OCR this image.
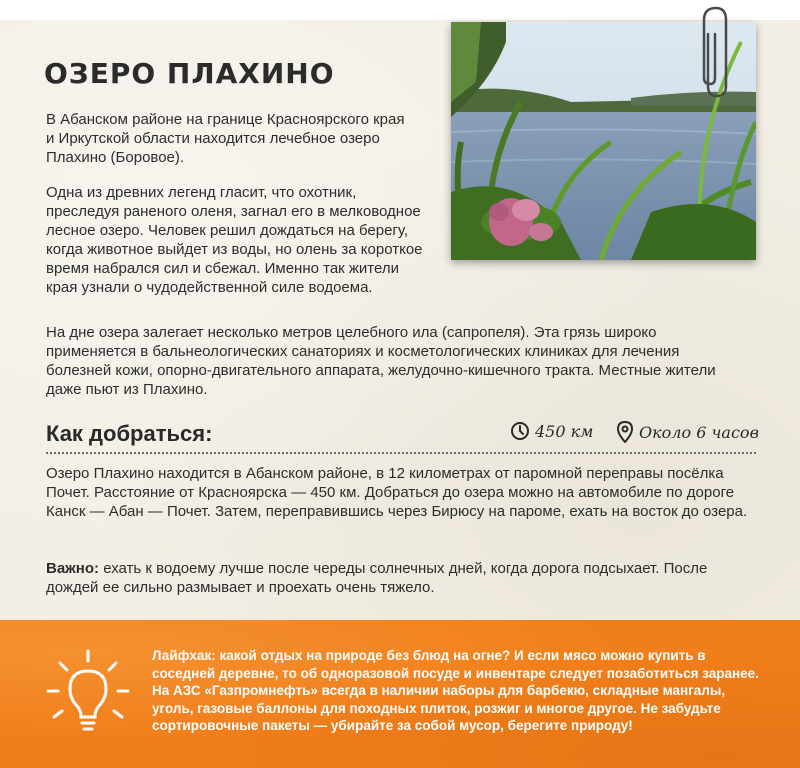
ОЗЕРО ПЛАХИНО

В Абанском районе на границе Красноярского края и Иркутской области находится лечебное озеро Плахино (Боровое).

Одна из древних легенд гласит, что охотник, преследуя раненого оленя, загнал его в мелководное лесное озеро. Человек решил дождаться на берегу, когда животное выйдет из воды, но олень за короткое время набрался сил и сбежал. Именно так жители края узнали о чудодейственной силе водоема.

На дне озера залегает несколько метров целебного ила (сапропеля). Эта грязь широко применяется в бальнеологических санаториях и косметологических клиниках для лечения болезней кожи, опорно-двигательного аппарата, желудочно-кишечного тракта. Местные жители даже пьют из Плахино.

Как добраться:	450 км	Около 6 часов

Озеро Плахино находится в Абанском районе, в 12 километрах от паромной переправы посёлка Почет. Расстояние от Красноярска — 450 км. Добраться до озера можно на автомобиле по дороге Канск — Абан — Почет. Затем, переправившись через Бирюсу на пароме, ехать на восток до озера.

Важно: ехать к водоему лучше после череды солнечных дней, когда дорога подсыхает. После дождей ее сильно размывает и проехать очень тяжело.

Лайфхак: какой отдых на природе без блюд на огне? И если мясо можно купить в соседней деревне, то об одноразовой посуде и инвентаре следует позаботиться заранее. На АЗС «Газпромнефть» всегда в наличии наборы для барбекю, складные мангалы, уголь, газовые баллоны для походных плиток, розжиг и многое другое. Не забудьте сортировочные пакеты — убирайте за собой мусор, берегите природу!
